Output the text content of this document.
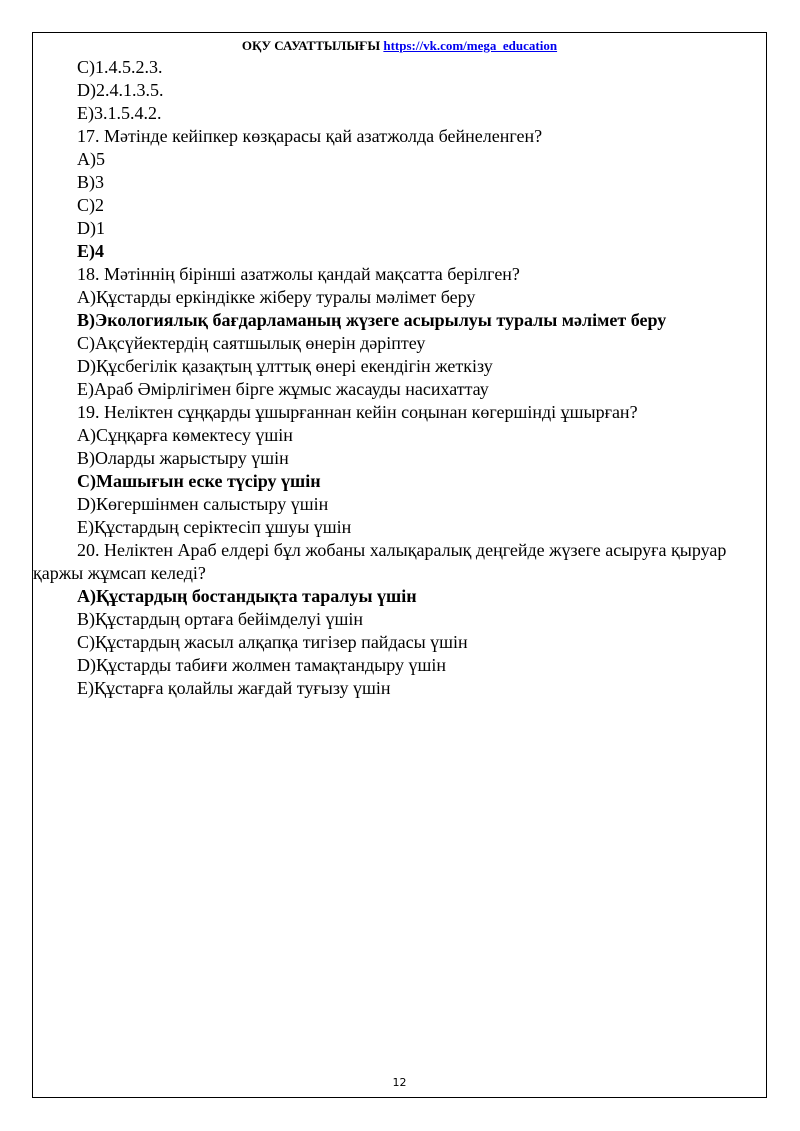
ОҚУ САУАТТЫЛЫҒЫ https://vk.com/mega_education
C)1.4.5.2.3.
D)2.4.1.3.5.
E)3.1.5.4.2.
17. Мәтінде кейіпкер көзқарасы қай азатжолда бейнеленген?
A)5
B)3
C)2
D)1
E)4
18. Мәтіннің бірінші азатжолы қандай мақсатта берілген?
A)Құстарды еркіндікке жіберу туралы мәлімет беру
B)Экологиялық бағдарламаның жүзеге асырылуы туралы мәлімет беру
C)Ақсүйектердің саятшылық өнерін дәріптеу
D)Құсбегілік қазақтың ұлттық өнері екендігін жеткізу
E)Араб Әмірлігімен бірге жұмыс жасауды насихаттау
19. Неліктен сұңқарды ұшырғаннан кейін соңынан көгершінді ұшырған?
A)Сұңқарға көмектесу үшін
B)Оларды жарыстыру үшін
C)Машығын еске түсіру үшін
D)Көгершінмен салыстыру үшін
E)Құстардың серіктесіп ұшуы үшін
20. Неліктен Араб елдері бұл жобаны халықаралық деңгейде жүзеге асыруға қыруар қаржы жұмсап келеді?
A)Құстардың бостандықта таралуы үшін
B)Құстардың ортаға бейімделуі үшін
C)Құстардың жасыл алқапқа тигізер пайдасы үшін
D)Құстарды табиғи жолмен тамақтандыру үшін
E)Құстарға қолайлы жағдай туғызу үшін
12
